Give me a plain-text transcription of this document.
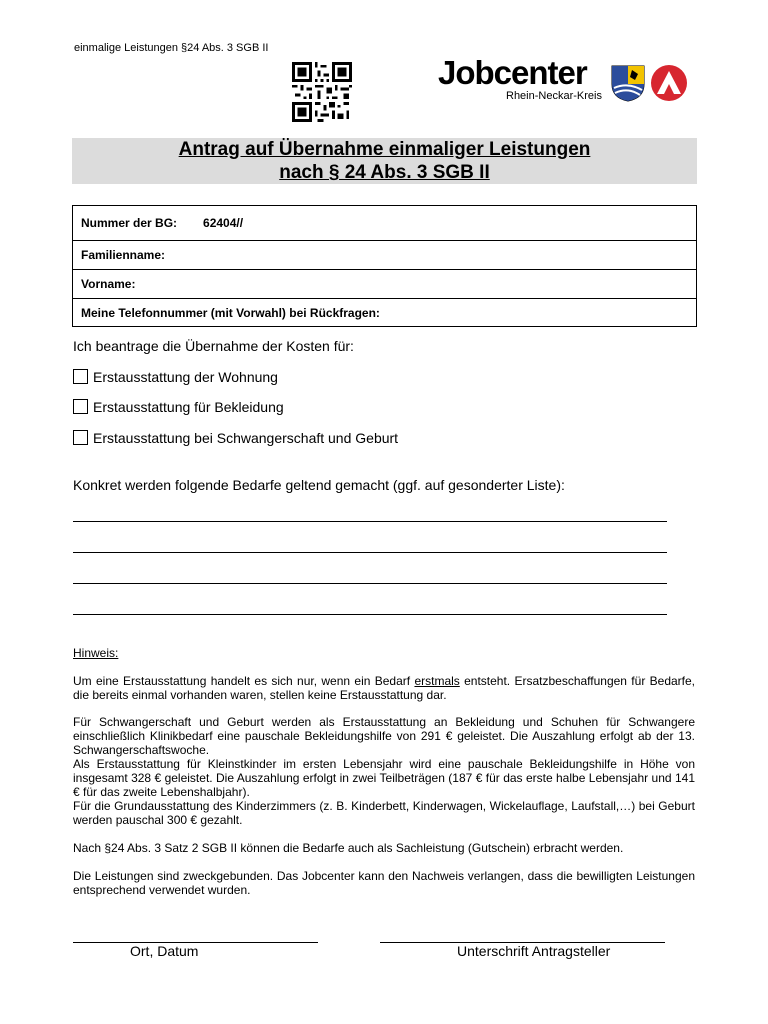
einmalige Leistungen §24 Abs. 3 SGB II
Jobcenter
Rhein-Neckar-Kreis
Antrag auf Übernahme einmaliger Leistungen
nach § 24 Abs. 3 SGB II
Nummer der BG: 62404//
Familienname:
Vorname:
Meine Telefonnummer (mit Vorwahl) bei Rückfragen:
Ich beantrage die Übernahme der Kosten für:
Erstausstattung der Wohnung
Erstausstattung für Bekleidung
Erstausstattung bei Schwangerschaft und Geburt
Konkret werden folgende Bedarfe geltend gemacht (ggf. auf gesonderter Liste):
Hinweis:
Um eine Erstausstattung handelt es sich nur, wenn ein Bedarf erstmals entsteht. Ersatzbeschaffungen für Bedarfe, die bereits einmal vorhanden waren, stellen keine Erstausstattung dar.
Für Schwangerschaft und Geburt werden als Erstausstattung an Bekleidung und Schuhen für Schwangere einschließlich Klinikbedarf eine pauschale Bekleidungshilfe von 291 € geleistet. Die Auszahlung erfolgt ab der 13. Schwangerschaftswoche.
Als Erstausstattung für Kleinstkinder im ersten Lebensjahr wird eine pauschale Bekleidungshilfe in Höhe von insgesamt 328 € geleistet. Die Auszahlung erfolgt in zwei Teilbeträgen (187 € für das erste halbe Lebensjahr und 141 € für das zweite Lebenshalbjahr).
Für die Grundausstattung des Kinderzimmers (z. B. Kinderbett, Kinderwagen, Wickelauflage, Laufstall,…) bei Geburt werden pauschal 300 € gezahlt.
Nach §24 Abs. 3 Satz 2 SGB II können die Bedarfe auch als Sachleistung (Gutschein) erbracht werden.
Die Leistungen sind zweckgebunden. Das Jobcenter kann den Nachweis verlangen, dass die bewilligten Leistungen entsprechend verwendet wurden.
Ort, Datum	Unterschrift Antragsteller
